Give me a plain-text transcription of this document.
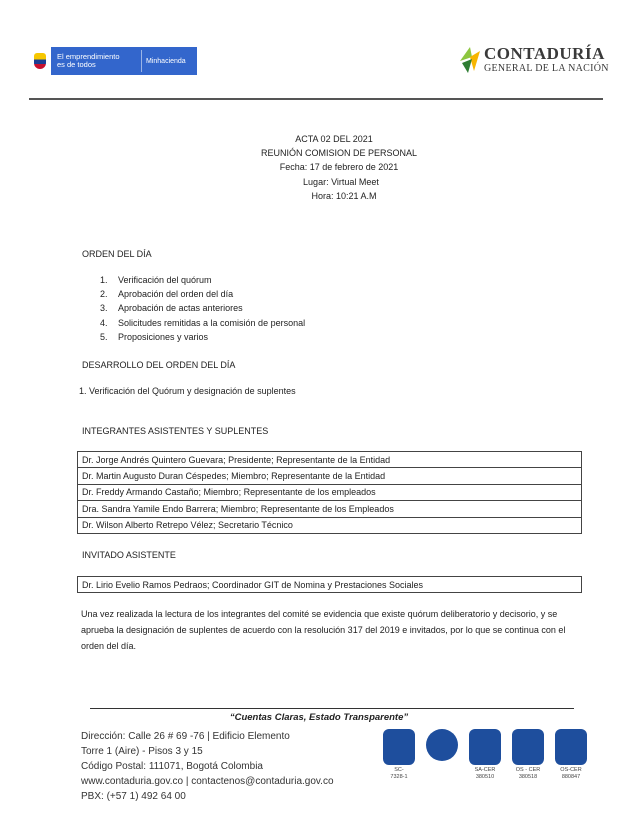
El emprendimiento
es de todos	Minhacienda	CONTADURÍA
GENERAL DE LA NACIÓN
ACTA 02 DEL 2021
REUNIÓN COMISION DE PERSONAL
Fecha: 17 de febrero de 2021
Lugar: Virtual Meet
Hora: 10:21 A.M
ORDEN DEL DÍA
1. Verificación del quórum
2. Aprobación del orden del día
3. Aprobación de actas anteriores
4. Solicitudes remitidas a la comisión de personal
5. Proposiciones y varios
DESARROLLO DEL ORDEN DEL DÍA
1. Verificación del Quórum y designación de suplentes
INTEGRANTES ASISTENTES Y SUPLENTES
Dr. Jorge Andrés Quintero Guevara; Presidente; Representante de la Entidad
Dr. Martin Augusto Duran Céspedes; Miembro; Representante de la Entidad
Dr. Freddy Armando Castaño; Miembro; Representante de los empleados
Dra. Sandra Yamile Endo Barrera; Miembro; Representante de los Empleados
Dr. Wilson Alberto Retrepo Vélez; Secretario Técnico
INVITADO ASISTENTE
Dr. Lirio Evelio Ramos Pedraos; Coordinador GIT de Nomina y Prestaciones Sociales
Una vez realizada la lectura de los integrantes del comité se evidencia que existe quórum deliberatorio y decisorio, y se aprueba la designación de suplentes de acuerdo con la resolución 317 del 2019 e invitados, por lo que se continua con el orden del día.
“Cuentas Claras, Estado Transparente”
Dirección: Calle 26 # 69 -76 | Edificio Elemento
Torre 1 (Aire) - Pisos 3 y 15
Código Postal: 111071, Bogotá Colombia
www.contaduria.gov.co | contactenos@contaduria.gov.co
PBX: (+57 1) 492 64 00
SC-
7328-1
SA-CER
380510
OS - CER
380518
OS-CER
880847
